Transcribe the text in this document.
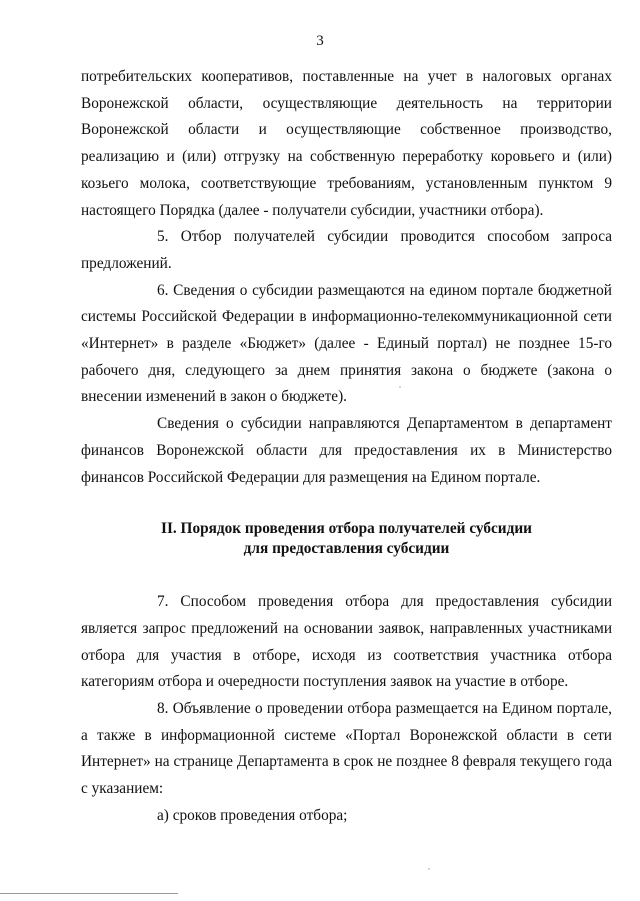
3

потребительских кооперативов, поставленные на учет в налоговых органах Воронежской области, осуществляющие деятельность на территории Воронежской области и осуществляющие собственное производство, реализацию и (или) отгрузку на собственную переработку коровьего и (или) козьего молока, соответствующие требованиям, установленным пунктом 9 настоящего Порядка (далее - получатели субсидии, участники отбора).

5. Отбор получателей субсидии проводится способом запроса предложений.

6. Сведения о субсидии размещаются на едином портале бюджетной системы Российской Федерации в информационно-телекоммуникационной сети «Интернет» в разделе «Бюджет» (далее - Единый портал) не позднее 15-го рабочего дня, следующего за днем принятия закона о бюджете (закона о внесении изменений в закон о бюджете).

Сведения о субсидии направляются Департаментом в департамент финансов Воронежской области для предоставления их в Министерство финансов Российской Федерации для размещения на Едином портале.

II. Порядок проведения отбора получателей субсидии
для предоставления субсидии

7. Способом проведения отбора для предоставления субсидии является запрос предложений на основании заявок, направленных участниками отбора для участия в отборе, исходя из соответствия участника отбора категориям отбора и очередности поступления заявок на участие в отборе.

8. Объявление о проведении отбора размещается на Едином портале, а также в информационной системе «Портал Воронежской области в сети Интернет» на странице Департамента в срок не позднее 8 февраля текущего года с указанием:

а) сроков проведения отбора;
